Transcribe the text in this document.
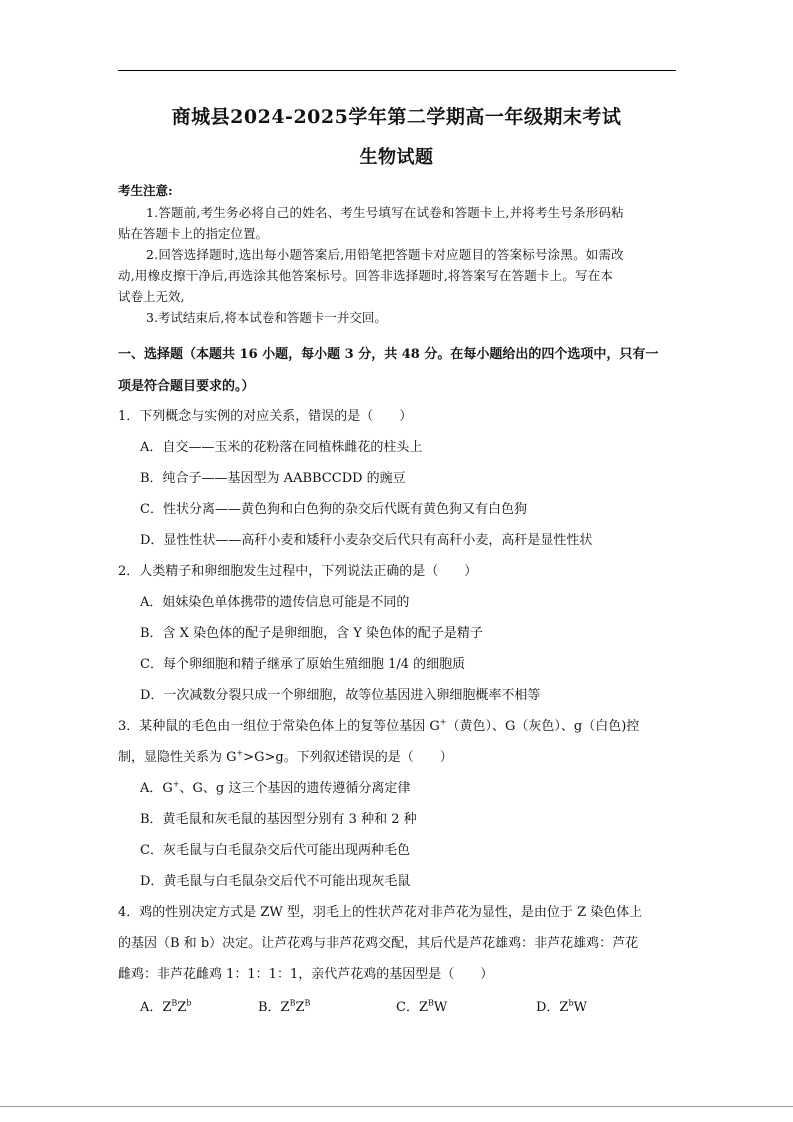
商城县2024-2025学年第二学期高一年级期末考试
生物试题
考生注意:
1.答题前,考生务必将自己的姓名、考生号填写在试卷和答题卡上,并将考生号条形码粘
贴在答题卡上的指定位置。
2.回答选择题时,选出每小题答案后,用铅笔把答题卡对应题目的答案标号涂黑。如需改
动,用橡皮擦干净后,再选涂其他答案标号。回答非选择题时,将答案写在答题卡上。写在本
试卷上无效,
3.考试结束后,将本试卷和答题卡一并交回。
一、选择题（本题共 16 小题，每小题 3 分，共 48 分。在每小题给出的四个选项中，只有一
项是符合题目要求的。）
1．下列概念与实例的对应关系，错误的是（　　）
A．自交——玉米的花粉落在同植株雌花的柱头上
B．纯合子——基因型为 AABBCCDD 的豌豆
C．性状分离——黄色狗和白色狗的杂交后代既有黄色狗又有白色狗
D．显性性状——高秆小麦和矮秆小麦杂交后代只有高秆小麦，高秆是显性性状
2．人类精子和卵细胞发生过程中，下列说法正确的是（　　）
A．姐妹染色单体携带的遗传信息可能是不同的
B．含 X 染色体的配子是卵细胞，含 Y 染色体的配子是精子
C．每个卵细胞和精子继承了原始生殖细胞 1/4 的细胞质
D．一次减数分裂只成一个卵细胞，故等位基因进入卵细胞概率不相等
3．某种鼠的毛色由一组位于常染色体上的复等位基因 G+（黄色）、G（灰色）、g（白色)控
制，显隐性关系为 G+>G>g。下列叙述错误的是（　　）
A．G+、G、g 这三个基因的遗传遵循分离定律
B．黄毛鼠和灰毛鼠的基因型分别有 3 种和 2 种
C．灰毛鼠与白毛鼠杂交后代可能出现两种毛色
D．黄毛鼠与白毛鼠杂交后代不可能出现灰毛鼠
4．鸡的性别决定方式是 ZW 型，羽毛上的性状芦花对非芦花为显性，是由位于 Z 染色体上
的基因（B 和 b）决定。让芦花鸡与非芦花鸡交配，其后代是芦花雄鸡：非芦花雄鸡：芦花
雌鸡：非芦花雌鸡 1：1：1：1，亲代芦花鸡的基因型是（　　）
A．$Z^BZ^b$	B．$Z^BZ^B$	C．$Z^BW$	D．$Z^bW$
